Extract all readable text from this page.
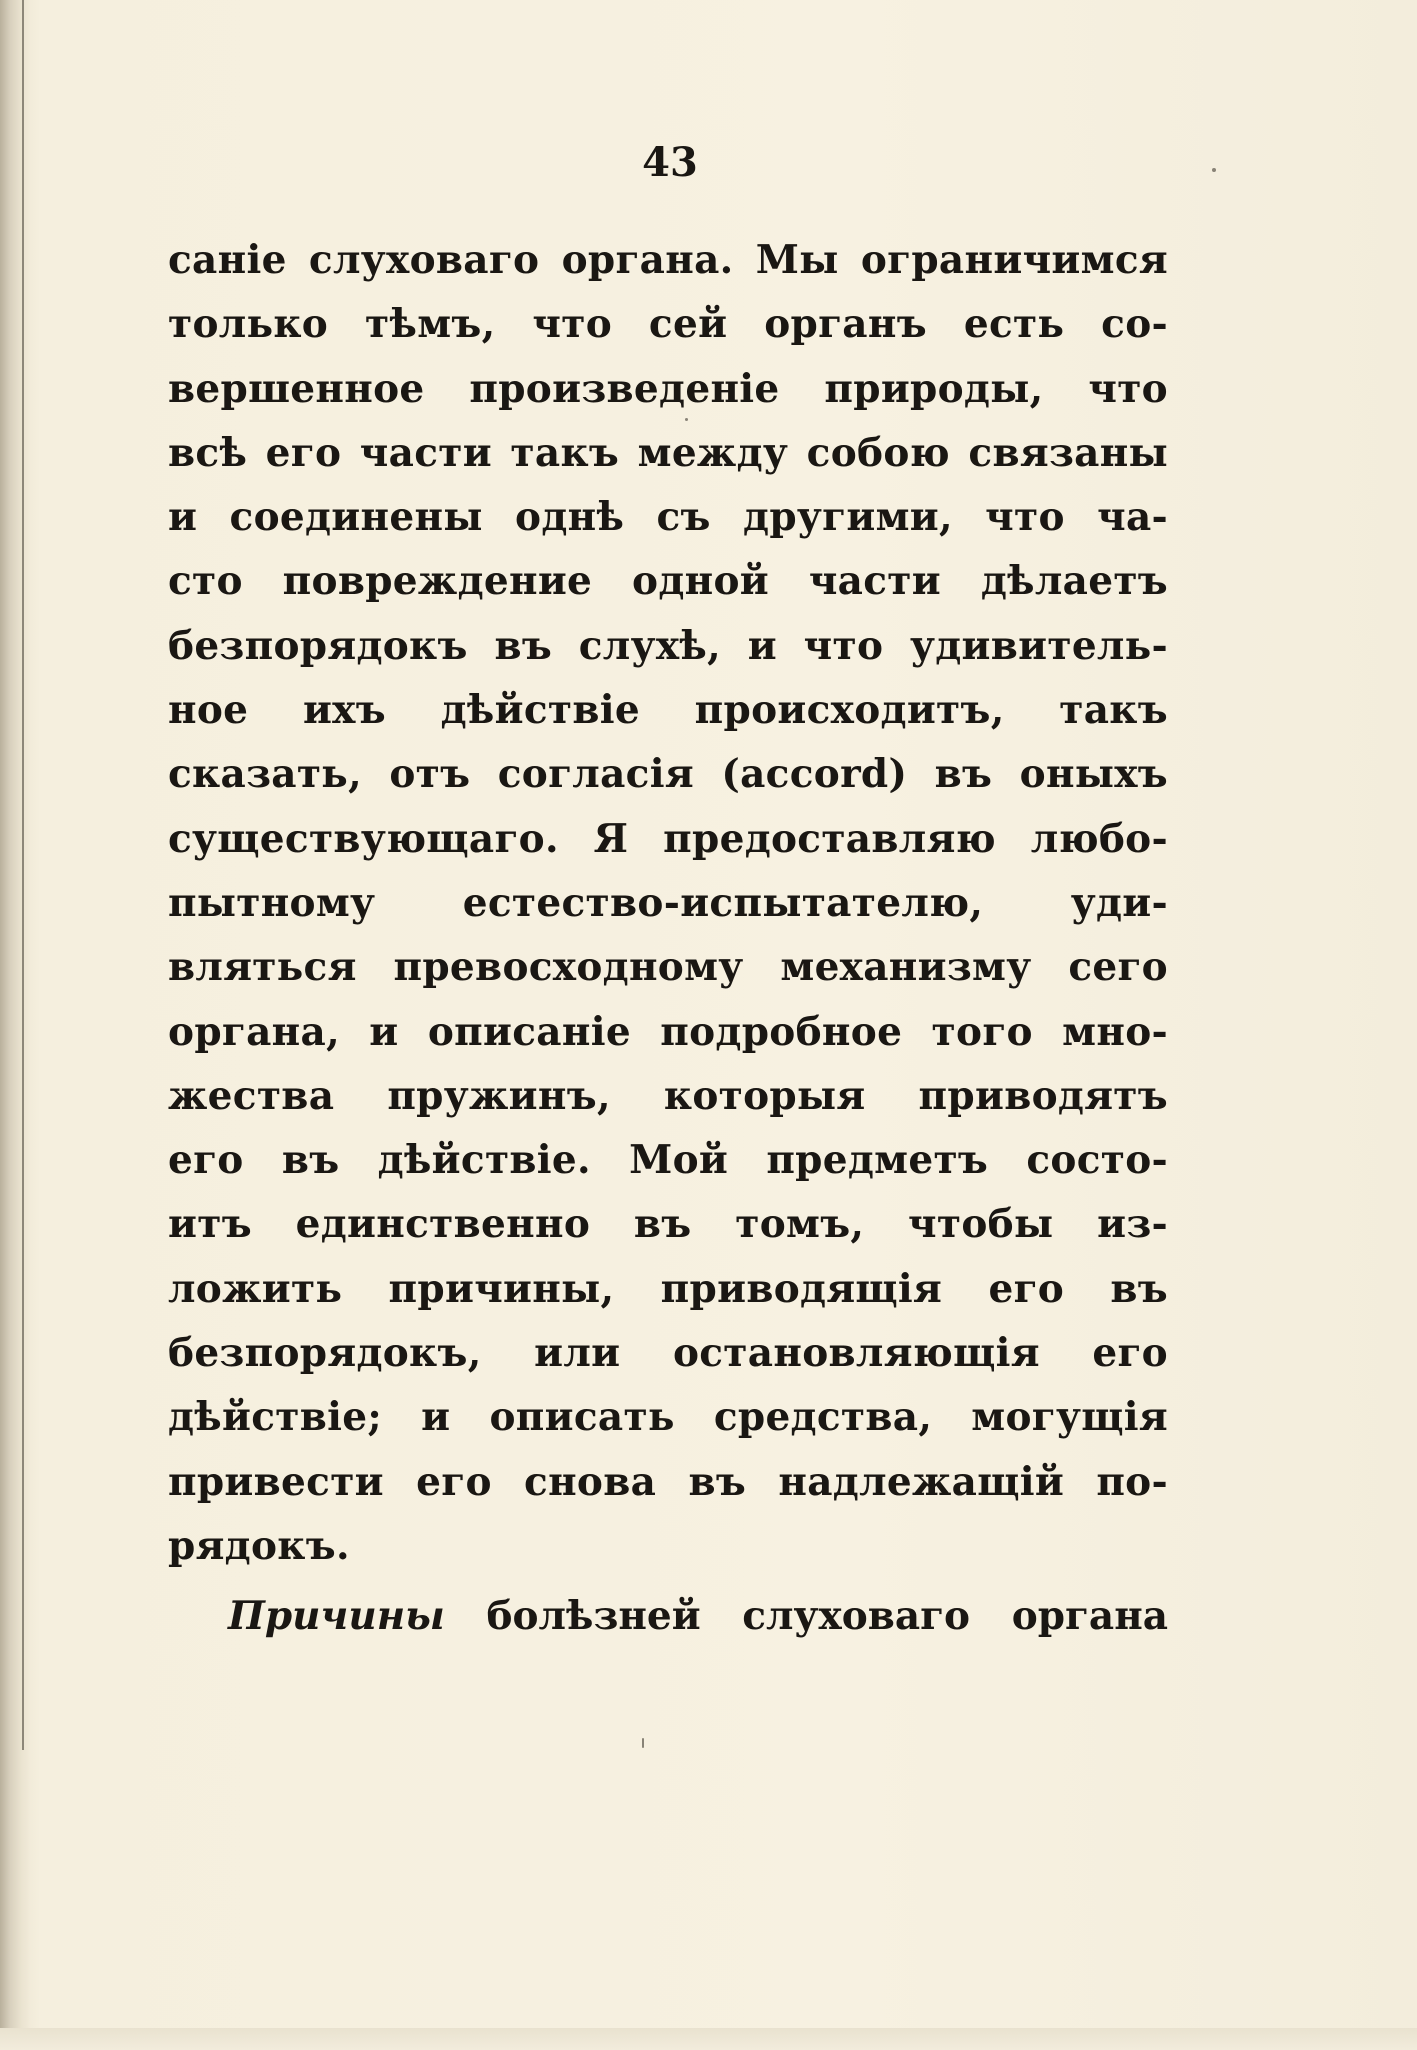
43
саніе слуховаго органа. Мы ограничимся
только тѣмъ, что сей органъ есть со-
вершенное произведеніе природы, что
всѣ его части такъ между собою связаны
и соединены однѣ съ другими, что ча-
сто повреждение одной части дѣлаетъ
безпорядокъ въ слухѣ, и что удивитель-
ное ихъ дѣйствіе происходитъ, такъ
сказать, отъ согласія (accord) въ оныхъ
существующаго. Я предоставляю любо-
пытному естество-испытателю, уди-
вляться превосходному механизму сего
органа, и описаніе подробное того мно-
жества пружинъ, которыя приводятъ
его въ дѣйствіе. Мой предметъ состо-
итъ единственно въ томъ, чтобы из-
ложить причины, приводящія его въ
безпорядокъ, или остановляющія его
дѣйствіе; и описать средства, могущія
привести его снова въ надлежащій по-
рядокъ.
Причины болѣзней слуховаго органа
